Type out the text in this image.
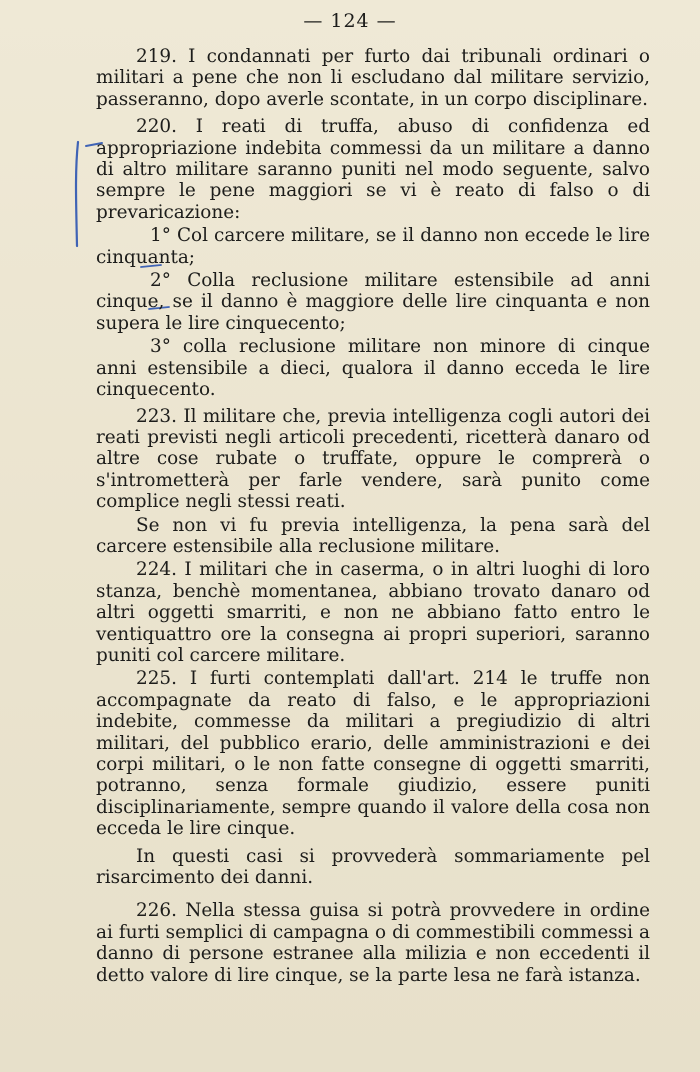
— 124 —

219. I condannati per furto dai tribunali ordinari o militari a pene che non li escludano dal militare servizio, passeranno, dopo averle scontate, in un corpo disciplinare.

220. I reati di truffa, abuso di confidenza ed appropriazione indebita commessi da un militare a danno di altro militare saranno puniti nel modo seguente, salvo sempre le pene maggiori se vi è reato di falso o di prevaricazione:

1° Col carcere militare, se il danno non eccede le lire cinquanta;

2° Colla reclusione militare estensibile ad anni cinque, se il danno è maggiore delle lire cinquanta e non supera le lire cinquecento;

3° colla reclusione militare non minore di cinque anni estensibile a dieci, qualora il danno ecceda le lire cinquecento.

223. Il militare che, previa intelligenza cogli autori dei reati previsti negli articoli precedenti, ricetterà danaro od altre cose rubate o truffate, oppure le comprerà o s'intrometterà per farle vendere, sarà punito come complice negli stessi reati.

Se non vi fu previa intelligenza, la pena sarà del carcere estensibile alla reclusione militare.

224. I militari che in caserma, o in altri luoghi di loro stanza, benchè momentanea, abbiano trovato danaro od altri oggetti smarriti, e non ne abbiano fatto entro le ventiquattro ore la consegna ai propri superiori, saranno puniti col carcere militare.

225. I furti contemplati dall'art. 214 le truffe non accompagnate da reato di falso, e le appropriazioni indebite, commesse da militari a pregiudizio di altri militari, del pubblico erario, delle amministrazioni e dei corpi militari, o le non fatte consegne di oggetti smarriti, potranno, senza formale giudizio, essere puniti disciplinariamente, sempre quando il valore della cosa non ecceda le lire cinque.

In questi casi si provvederà sommariamente pel risarcimento dei danni.

226. Nella stessa guisa si potrà provvedere in ordine ai furti semplici di campagna o di commestibili commessi a danno di persone estranee alla milizia e non eccedenti il detto valore di lire cinque, se la parte lesa ne farà istanza.
